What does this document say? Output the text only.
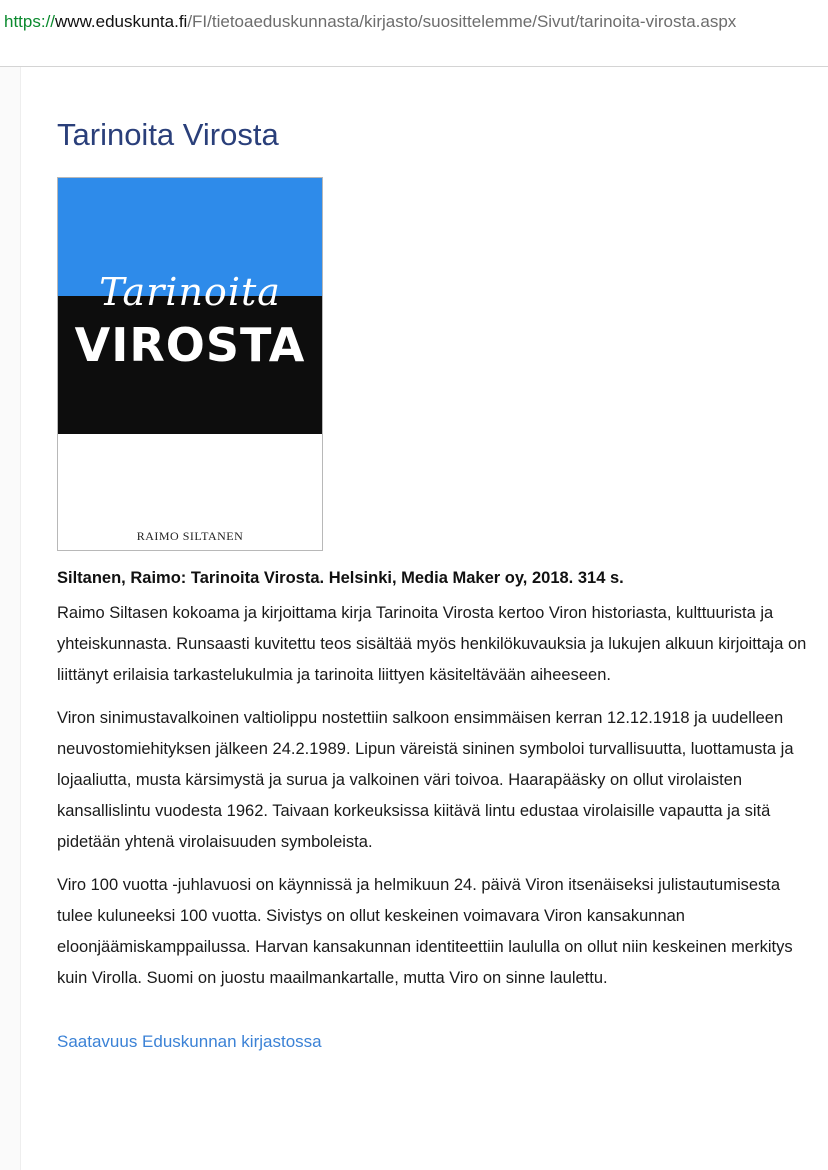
https://www.eduskunta.fi/FI/tietoaeduskunnasta/kirjasto/suosittelemme/Sivut/tarinoita-virosta.aspx
Tarinoita Virosta
Tarinoita
VIROSTA
RAIMO SILTANEN

Siltanen, Raimo: Tarinoita Virosta. Helsinki, Media Maker oy, 2018. 314 s.

Raimo Siltasen kokoama ja kirjoittama kirja Tarinoita Virosta kertoo Viron historiasta, kulttuurista ja yhteiskunnasta. Runsaasti kuvitettu teos sisältää myös henkilökuvauksia ja lukujen alkuun kirjoittaja on liittänyt erilaisia tarkastelukulmia ja tarinoita liittyen käsiteltävään aiheeseen.

Viron sinimustavalkoinen valtiolippu nostettiin salkoon ensimmäisen kerran 12.12.1918 ja uudelleen neuvostomiehityksen jälkeen 24.2.1989. Lipun väreistä sininen symboloi turvallisuutta, luottamusta ja lojaaliutta, musta kärsimystä ja surua ja valkoinen väri toivoa. Haarapääsky on ollut virolaisten kansallislintu vuodesta 1962. Taivaan korkeuksissa kiitävä lintu edustaa virolaisille vapautta ja sitä pidetään yhtenä virolaisuuden symboleista.

Viro 100 vuotta -juhlavuosi on käynnissä ja helmikuun 24. päivä Viron itsenäiseksi julistautumisesta tulee kuluneeksi 100 vuotta. Sivistys on ollut keskeinen voimavara Viron kansakunnan eloonjäämiskamppailussa. Harvan kansakunnan identiteettiin laululla on ollut niin keskeinen merkitys kuin Virolla. Suomi on juostu maailmankartalle, mutta Viro on sinne laulettu.

Saatavuus Eduskunnan kirjastossa
